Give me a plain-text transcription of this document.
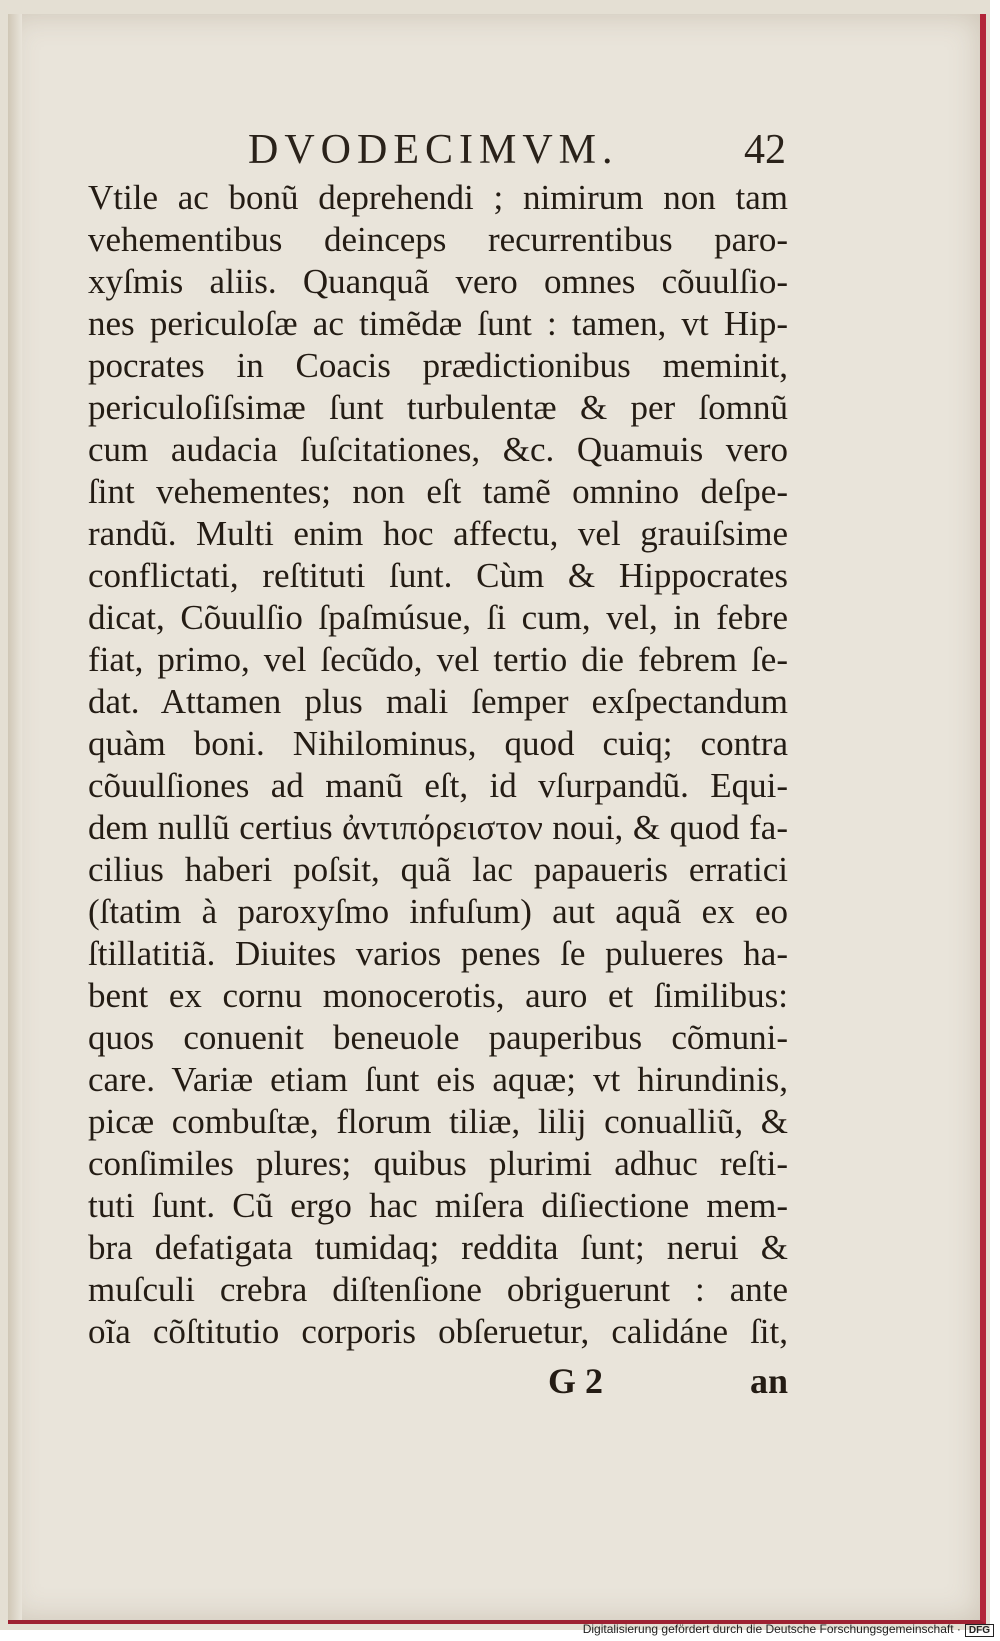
DVODECIMVM.	42
Vtile ac bonũ deprehendi ; nimirum non tam
vehementibus deinceps recurrentibus paro-
xyſmis aliis. Quanquã vero omnes cõuulſio-
nes periculoſæ ac timẽdæ ſunt : tamen, vt Hip-
pocrates in Coacis prædictionibus meminit,
periculoſiſsimæ ſunt turbulentæ & per ſomnũ
cum audacia ſuſcitationes, &c. Quamuis vero
ſint vehementes; non eſt tamẽ omnino deſpe-
randũ. Multi enim hoc affectu, vel grauiſsime
conflictati, reſtituti ſunt. Cùm & Hippocrates
dicat, Cõuulſio ſpaſmúsue, ſi cum, vel, in febre
fiat, primo, vel ſecũdo, vel tertio die febrem ſe-
dat. Attamen plus mali ſemper exſpectandum
quàm boni. Nihilominus, quod cuiq; contra
cõuulſiones ad manũ eſt, id vſurpandũ. Equi-
dem nullũ certius ἀντιπόρειστον noui, & quod fa-
cilius haberi poſsit, quã lac papaueris erratici
(ſtatim à paroxyſmo infuſum) aut aquã ex eo
ſtillatitiã. Diuites varios penes ſe pulueres ha-
bent ex cornu monocerotis, auro et ſimilibus:
quos conuenit beneuole pauperibus cõmuni-
care. Variæ etiam ſunt eis aquæ; vt hirundinis,
picæ combuſtæ, florum tiliæ, lilij conualliũ, &
conſimiles plures; quibus plurimi adhuc reſti-
tuti ſunt. Cũ ergo hac miſera diſiectione mem-
bra defatigata tumidaq; reddita ſunt; nerui &
muſculi crebra diſtenſione obriguerunt : ante
oĩa cõſtitutio corporis obſeruetur, calidáne ſit,
G 2	an
Digitalisierung gefördert durch die Deutsche Forschungsgemeinschaft · DFG
